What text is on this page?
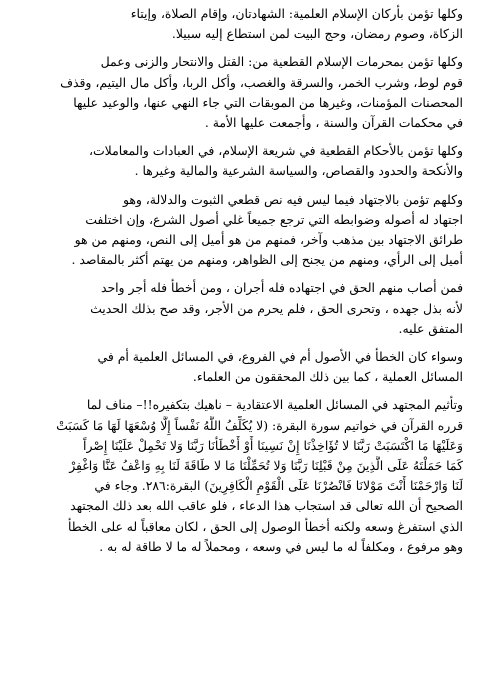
وكلها تؤمن بأركان الإسلام العلمية: الشهادتان، وإقام الصلاة، وإيتاء
الزكاة، وصوم رمضان، وحج البيت لمن استطاع إليه سبيلا.
وكلها تؤمن بمحرمات الإسلام القطعية من: القتل والانتحار والزنى وعمل
قوم لوط، وشرب الخمر، والسرقة والغصب، وأكل الربا، وأكل مال اليتيم، وقذف
المحصنات المؤمنات، وغيرها من الموبقات التي جاء النهي عنها، والوعيد عليها
في محكمات القرآن والسنة ، وأجمعت عليها الأمة .
وكلها تؤمن بالأحكام القطعية في شريعة الإسلام، في العبادات والمعاملات،
والأنكحة والحدود والقصاص، والسياسة الشرعية والمالية وغيرها .
وكلهم تؤمن بالاجتهاد فيما ليس فيه نص قطعي الثبوت والدلالة، وهو
اجتهاد له أصوله وضوابطه التي ترجع جميعاً غلي أصول الشرع، وإن اختلفت
طرائق الاجتهاد بين مذهب وآخر، فمنهم من هو أميل إلى النص، ومنهم من هو
أميل إلى الرأي، ومنهم من يجنح إلى الظواهر، ومنهم من يهتم أكثر بالمقاصد .
فمن أصاب منهم الحق في اجتهاده فله أجران ، ومن أخطأ فله أجر واحد
لأنه بذل جهده ، وتحرى الحق ، فلم يحرم من الأجر، وقد صح بذلك الحديث
المتفق عليه.
وسواء كان الخطأ في الأصول أم في الفروع، في المسائل العلمية أم في
المسائل العملية ، كما بين ذلك المحققون من العلماء.
وتأثيم المجتهد في المسائل العلمية الاعتقادية – ناهيك بتكفيره!!– مناف لما
قرره القرآن في خواتيم سورة البقرة: (لا يُكَلِّفُ اللَّهُ نَفْساً إِلَّا وُسْعَهَا لَهَا مَا كَسَبَتْ
وَعَلَيْهَا مَا اكْتَسَبَتْ رَبَّنَا لا تُؤَاخِذْنَا إِنْ نَسِينَا أَوْ أَخْطَأْنَا رَبَّنَا وَلا تَحْمِلْ عَلَيْنَا إِصْراً
كَمَا حَمَلْتَهُ عَلَى الَّذِينَ مِنْ قَبْلِنَا رَبَّنَا وَلا تُحَمِّلْنَا مَا لا طَاقَةَ لَنَا بِهِ وَاعْفُ عَنَّا وَاغْفِرْ
لَنَا وَارْحَمْنَا أَنْتَ مَوْلانَا فَانْصُرْنَا عَلَى الْقَوْمِ الْكَافِرِينَ) البقرة:٢٨٦. وجاء في
الصحيح أن الله تعالى قد استجاب هذا الدعاء ، فلو عاقب الله بعد ذلك المجتهد
الذي استفرغ وسعه ولكنه أخطأ الوصول إلى الحق ، لكان معاقباً له على الخطأ
وهو مرفوع ، ومكلفاً له ما ليس في وسعه ، ومحملاً له ما لا طاقة له به .
